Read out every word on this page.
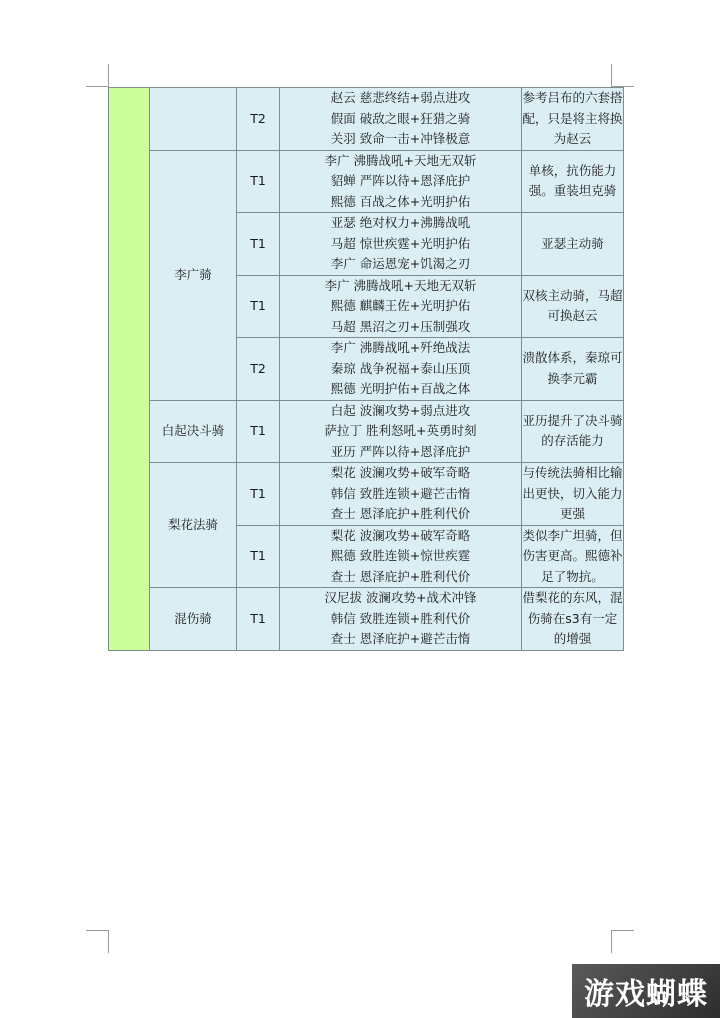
		T2	赵云 慈悲终结+弱点进攻
假面 破敌之眼+狂猎之骑
关羽 致命一击+冲锋极意	参考吕布的六套搭配，只是将主将换为赵云
	李广骑	T1	李广 沸腾战吼+天地无双斩
貂蝉 严阵以待+恩泽庇护
熙德 百战之体+光明护佑	单核，抗伤能力强。重装坦克骑
		T1	亚瑟 绝对权力+沸腾战吼
马超 惊世疾霆+光明护佑
李广 命运恩宠+饥渴之刃	亚瑟主动骑
		T1	李广 沸腾战吼+天地无双斩
熙德 麒麟王佐+光明护佑
马超 黑沼之刃+压制强攻	双核主动骑，马超可换赵云
		T2	李广 沸腾战吼+歼绝战法
秦琼 战争祝福+泰山压顶
熙德 光明护佑+百战之体	溃散体系，秦琼可换李元霸
	白起决斗骑	T1	白起 波澜攻势+弱点进攻
萨拉丁 胜利怒吼+英勇时刻
亚历 严阵以待+恩泽庇护	亚历提升了决斗骑的存活能力
	梨花法骑	T1	梨花 波澜攻势+破军奇略
韩信 致胜连锁+避芒击惰
查士 恩泽庇护+胜利代价	与传统法骑相比输出更快，切入能力更强
		T1	梨花 波澜攻势+破军奇略
熙德 致胜连锁+惊世疾霆
查士 恩泽庇护+胜利代价	类似李广坦骑，但伤害更高。熙德补足了物抗。
	混伤骑	T1	汉尼拔 波澜攻势+战术冲锋
韩信 致胜连锁+胜利代价
查士 恩泽庇护+避芒击惰	借梨花的东风，混伤骑在s3有一定的增强
游戏蝴蝶
